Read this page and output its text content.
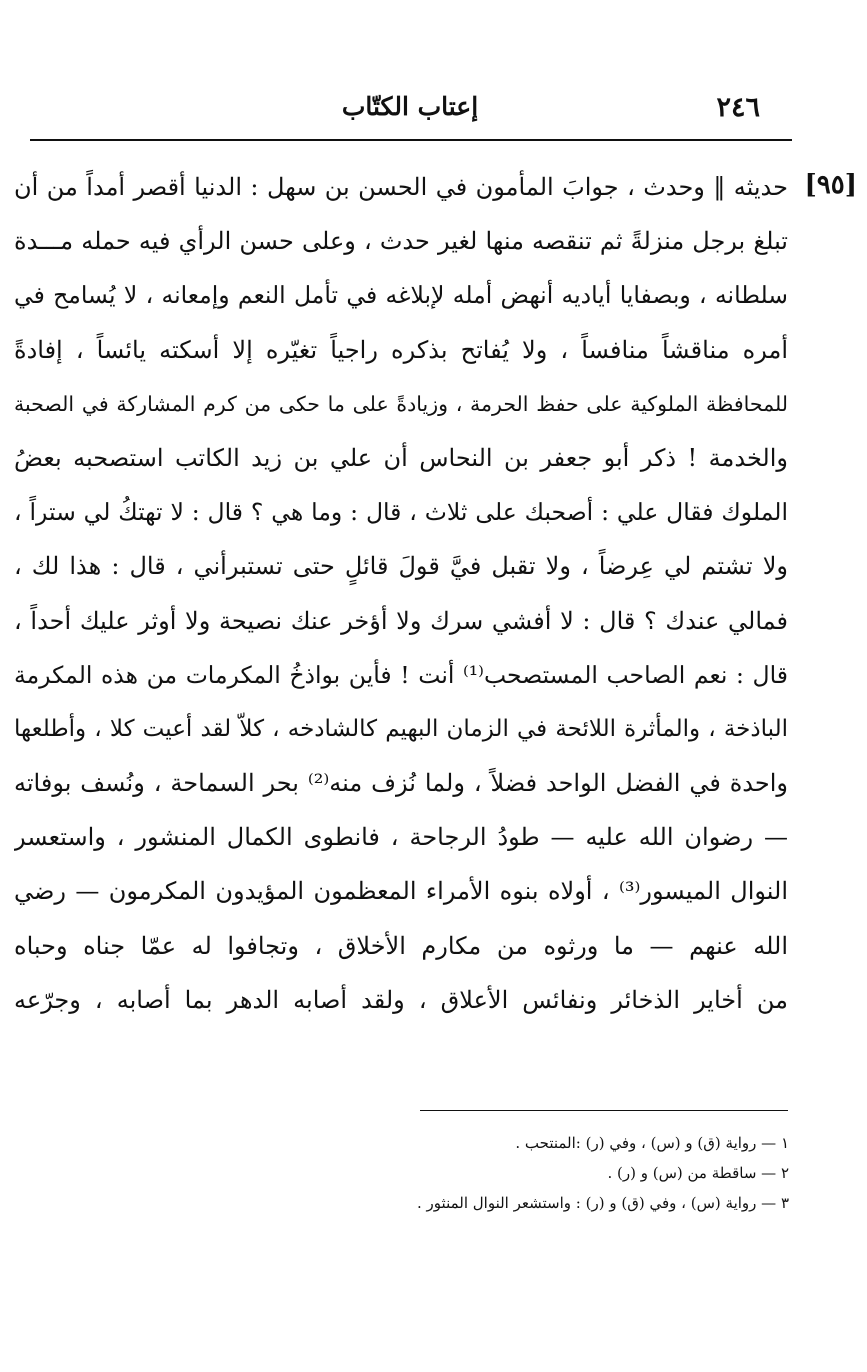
٢٤٦
إعتاب الكتّاب
[٩٥]
حديثه ‖ وحدث ، جوابَ المأمون في الحسن بن سهل : الدنيا أقصر أمداً من أن
تبلغ برجل منزلةً ثم تنقصه منها لغير حدث ، وعلى حسن الرأي فيه حمله مـــدة
سلطانه ، وبصفايا أياديه أنهض أمله لإبلاغه في تأمل النعم وإمعانه ، لا يُسامح في
أمره مناقشاً منافساً ، ولا يُفاتح بذكره راجياً تغيّره إلا أسكته يائساً ، إفادةً
للمحافظة الملوكية على حفظ الحرمة ، وزيادةً على ما حكى من كرم المشاركة في الصحبة
والخدمة ! ذكر أبو جعفر بن النحاس أن علي بن زيد الكاتب استصحبه بعضُ
الملوك فقال علي : أصحبك على ثلاث ، قال : وما هي ؟ قال : لا تهتكُ لي ستراً ،
ولا تشتم لي عِرضاً ، ولا تقبل فيَّ قولَ قائلٍ حتى تستبرأني ، قال : هذا لك ،
فمالي عندك ؟ قال : لا أفشي سرك ولا أؤخر عنك نصيحة ولا أوثر عليك أحداً ،
قال : نعم الصاحب المستصحب⁽¹⁾ أنت ! فأين بواذخُ المكرمات من هذه المكرمة
الباذخة ، والمأثرة اللائحة في الزمان البهيم كالشادخه ، كلاّ لقد أعيت كلا ، وأطلعها
واحدة في الفضل الواحد فضلاً ، ولما نُزف منه⁽²⁾ بحر السماحة ، ونُسف بوفاته
— رضوان الله عليه — طودُ الرجاحة ، فانطوى الكمال المنشور ، واستعسر
النوال الميسور⁽³⁾ ، أولاه بنوه الأمراء المعظمون المؤيدون المكرمون — رضي
الله عنهم — ما ورثوه من مكارم الأخلاق ، وتجافوا له عمّا جناه وحباه
من أخاير الذخائر ونفائس الأعلاق ، ولقد أصابه الدهر بما أصابه ، وجرّعه
١ — رواية (ق) و (س) ، وفي (ر) :المنتحب .
٢ — ساقطة من (س) و (ر) .
٣ — رواية (س) ، وفي (ق) و (ر) : واستشعر النوال المنثور .
